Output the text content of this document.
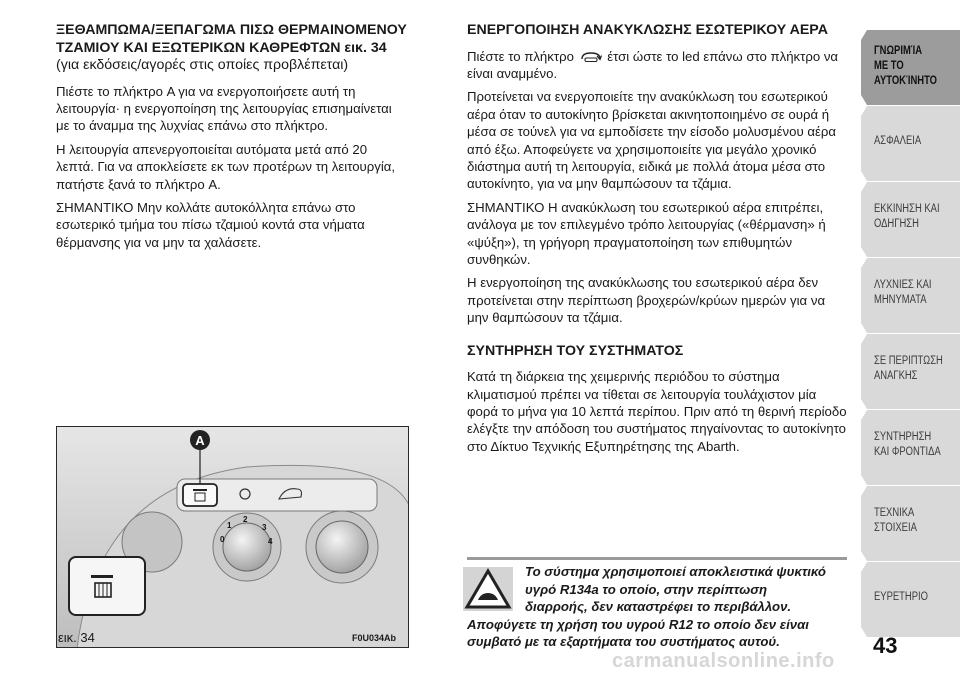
ΞΕΘΑΜΠΩΜΑ/ΞΕΠΑΓΩΜΑ ΠΙΣΩ ΘΕΡΜΑΙΝΟΜΕΝΟΥ ΤΖΑΜΙΟΥ ΚΑΙ ΕΞΩΤΕΡΙΚΩΝ ΚΑΘΡΕΦΤΩΝ εικ. 34
(για εκδόσεις/αγορές στις οποίες προβλέπεται)

Πιέστε το πλήκτρο A για να ενεργοποιήσετε αυτή τη λειτουργία· η ενεργοποίηση της λειτουργίας επισημαίνεται με το άναμμα της λυχνίας επάνω στο πλήκτρο.

Η λειτουργία απενεργοποιείται αυτόματα μετά από 20 λεπτά. Για να αποκλείσετε εκ των προτέρων τη λειτουργία, πατήστε ξανά το πλήκτρο A.

ΣΗΜΑΝΤΙΚΟ Μην κολλάτε αυτοκόλλητα επάνω στο εσωτερικό τμήμα του πίσω τζαμιού κοντά στα νήματα θέρμανσης για να μην τα χαλάσετε.

ΕΝΕΡΓΟΠΟΙΗΣΗ ΑΝΑΚΥΚΛΩΣΗΣ ΕΣΩΤΕΡΙΚΟΥ ΑΕΡΑ

Πιέστε το πλήκτρο	έτσι ώστε το led επάνω στο πλήκτρο να είναι αναμμένο.

Προτείνεται να ενεργοποιείτε την ανακύκλωση του εσωτερικού αέρα όταν το αυτοκίνητο βρίσκεται ακινητοποιημένο σε ουρά ή μέσα σε τούνελ για να εμποδίσετε την είσοδο μολυσμένου αέρα από έξω. Αποφεύγετε να χρησιμοποιείτε για μεγάλο χρονικό διάστημα αυτή τη λειτουργία, ειδικά με πολλά άτομα μέσα στο αυτοκίνητο, για να μην θαμπώσουν τα τζάμια.

ΣΗΜΑΝΤΙΚΟ Η ανακύκλωση του εσωτερικού αέρα επιτρέπει, ανάλογα με τον επιλεγμένο τρόπο λειτουργίας («θέρμανση» ή «ψύξη»), τη γρήγορη πραγματοποίηση των επιθυμητών συνθηκών.

Η ενεργοποίηση της ανακύκλωσης του εσωτερικού αέρα δεν προτείνεται στην περίπτωση βροχερών/κρύων ημερών για να μην θαμπώσουν τα τζάμια.

ΣΥΝΤΗΡΗΣΗ ΤΟΥ ΣΥΣΤΗΜΑΤΟΣ

Κατά τη διάρκεια της χειμερινής περιόδου το σύστημα κλιματισμού πρέπει να τίθεται σε λειτουργία τουλάχιστον μία φορά το μήνα για 10 λεπτά περίπου. Πριν από τη θερινή περίοδο ελέγξτε την απόδοση του συστήματος πηγαίνοντας το αυτοκίνητο στο Δίκτυο Τεχνικής Εξυπηρέτησης της Abarth.

A
0
1
2
3
4
εικ. 34	F0U034Ab
Το σύστημα χρησιμοποιεί αποκλειστικά ψυκτικό
υγρό R134a το οποίο, στην περίπτωση
διαρροής, δεν καταστρέφει το περιβάλλον.
Αποφύγετε τη χρήση του υγρού R12 το οποίο δεν είναι
συμβατό με τα εξαρτήματα του συστήματος αυτού.
ΓΝΩΡΙΜΊΑ
ΜΕ ΤΟ
ΑΥΤΟΚΊΝΗΤΟ
ΑΣΦΑΛΕΙΑ
ΕΚΚΙΝΗΣΗ ΚΑΙ
ΟΔΗΓΗΣΗ
ΛΥΧΝΙΕΣ ΚΑΙ
ΜΗΝΥΜΑΤΑ
ΣΕ ΠΕΡΙΠΤΩΣΗ
ΑΝΑΓΚΗΣ
ΣΥΝΤΗΡΗΣΗ
ΚΑΙ ΦΡΟΝΤΙΔΑ
ΤΕΧΝΙΚΑ
ΣΤΟΙΧΕΙΑ
ΕΥΡΕΤΗΡΙΟ
43
carmanualsonline.info
